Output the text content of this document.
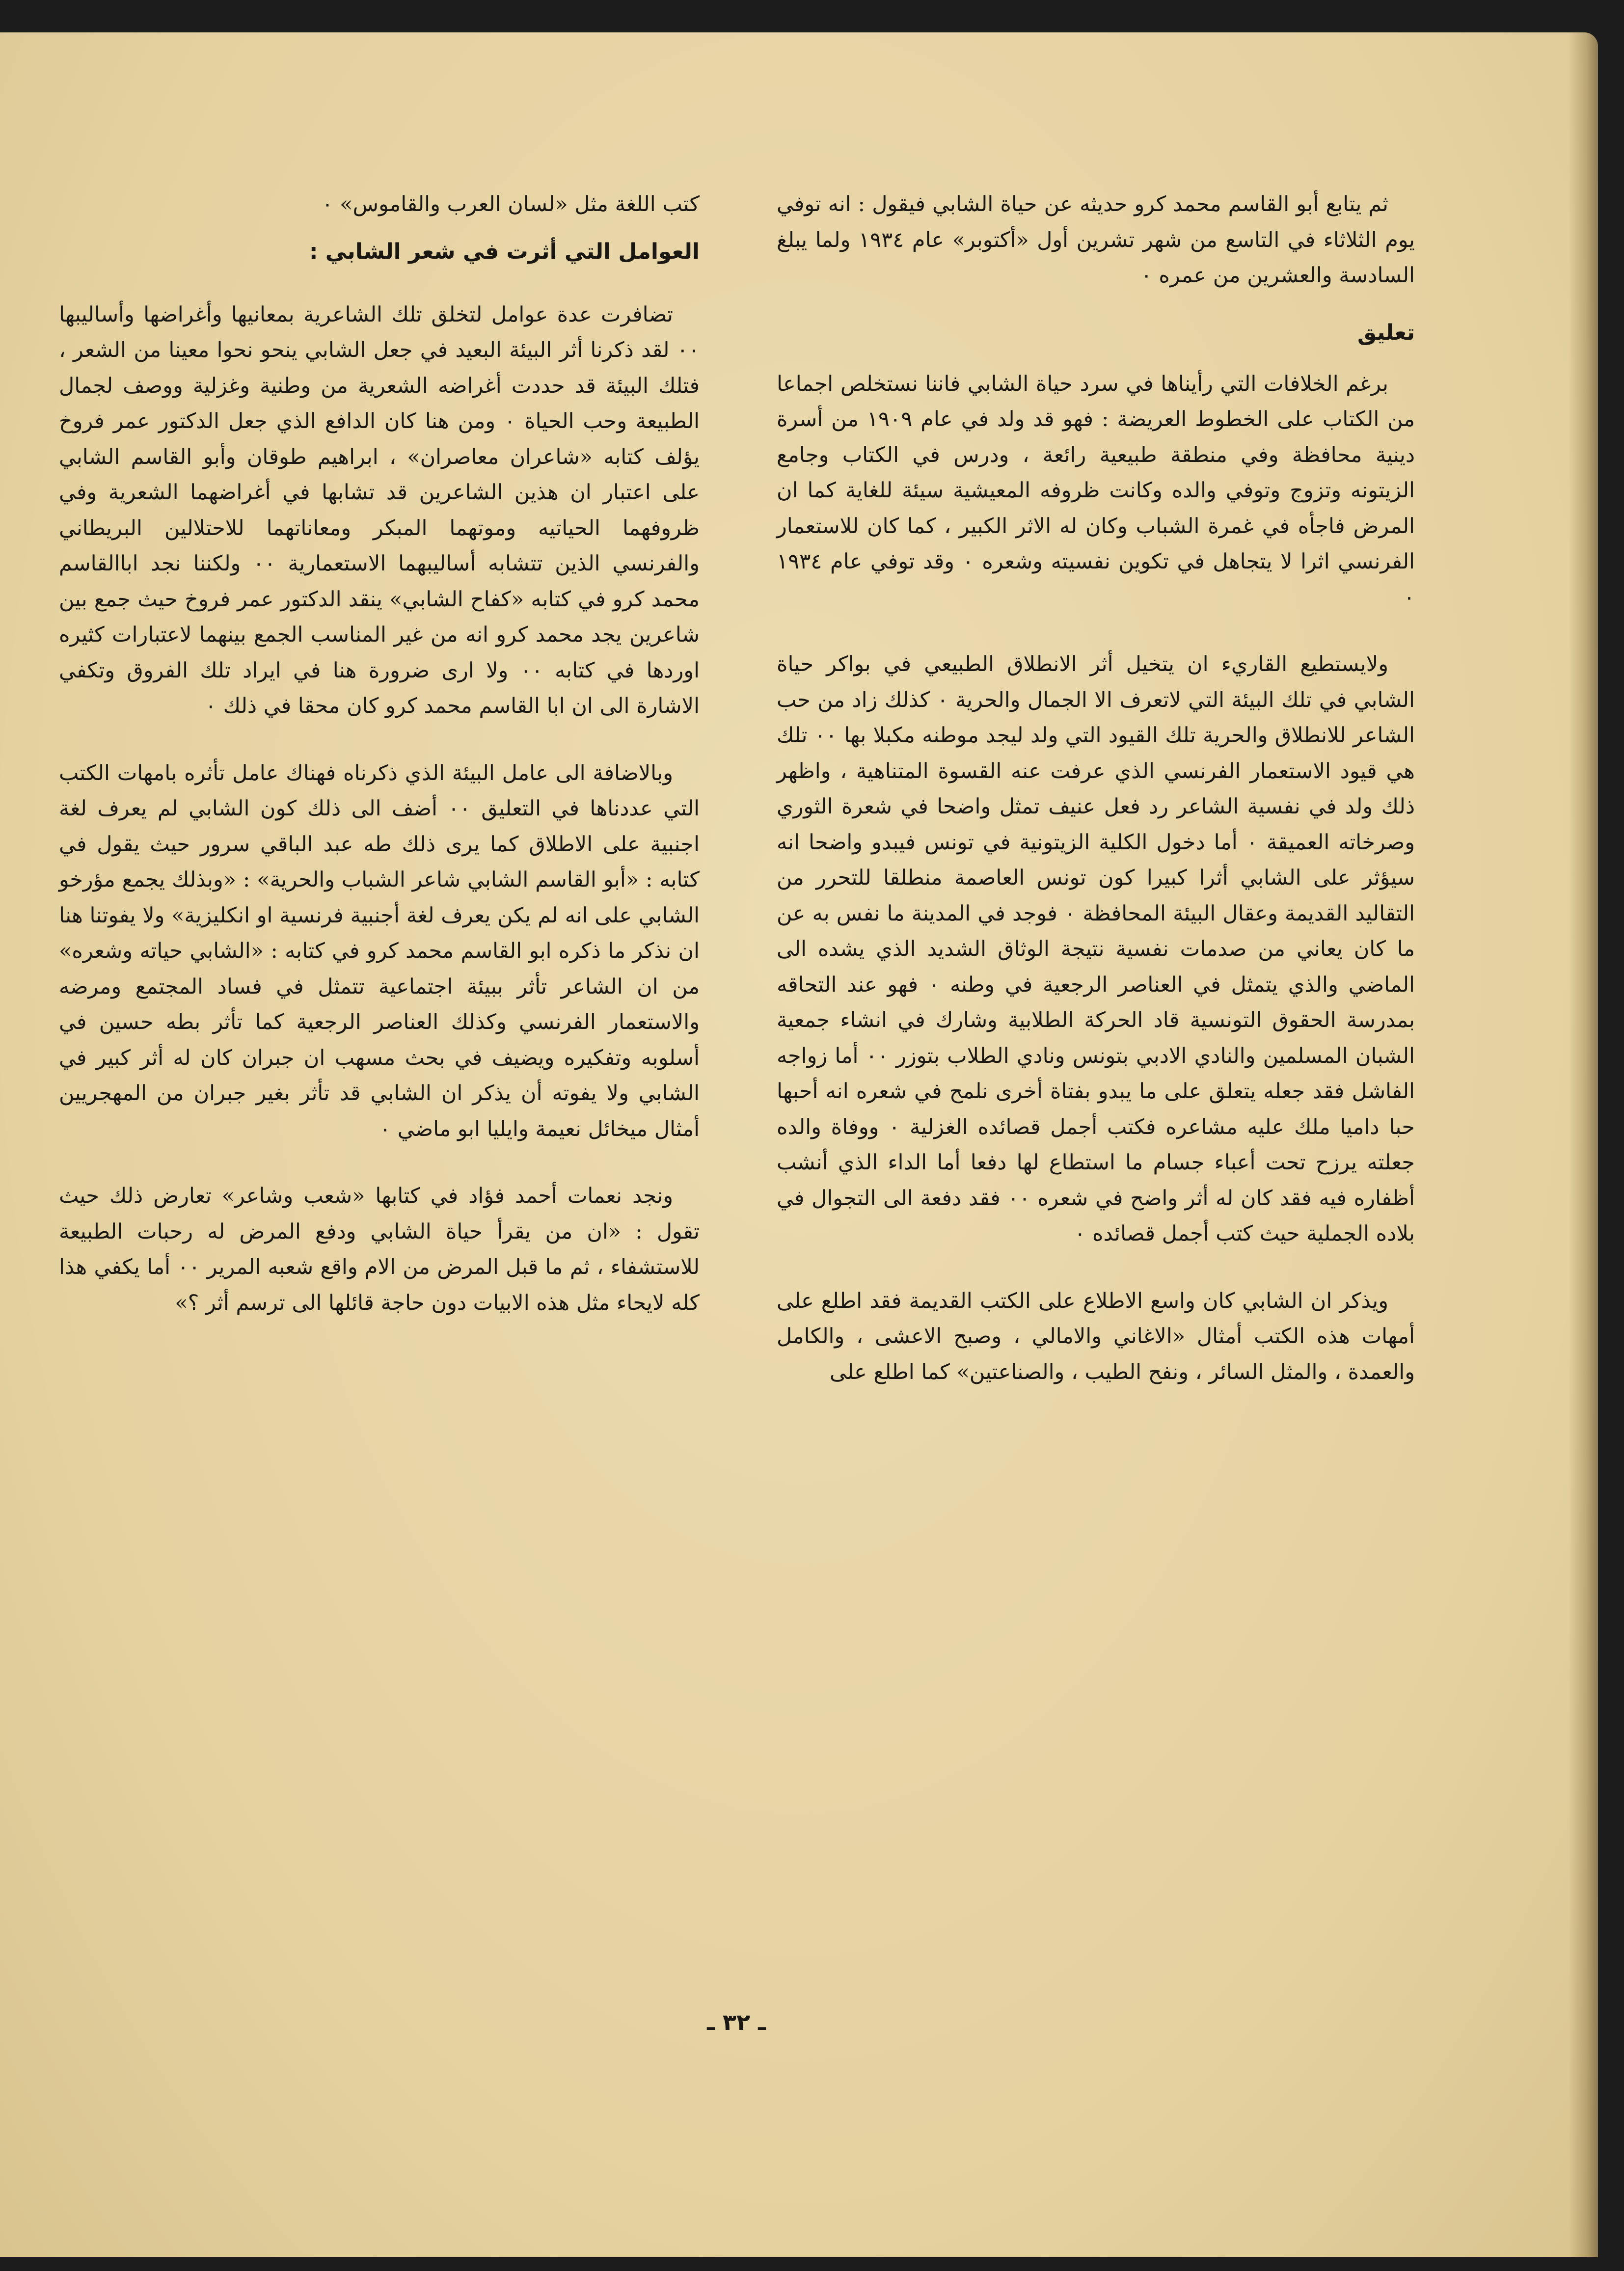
ثم يتابع أبو القاسم محمد كرو حديثه عن حياة الشابي فيقول : انه توفي يوم الثلاثاء في التاسع من شهر تشرين أول «أكتوبر» عام ١٩٣٤ ولما يبلغ السادسة والعشرين من عمره ٠

تعليق

برغم الخلافات التي رأيناها في سرد حياة الشابي فاننا نستخلص اجماعا من الكتاب على الخطوط العريضة : فهو قد ولد في عام ١٩٠٩ من أسرة دينية محافظة وفي منطقة طبيعية رائعة ، ودرس في الكتاب وجامع الزيتونه وتزوج وتوفي والده وكانت ظروفه المعيشية سيئة للغاية كما ان المرض فاجأه في غمرة الشباب وكان له الاثر الكبير ، كما كان للاستعمار الفرنسي اثرا لا يتجاهل في تكوين نفسيته وشعره ٠ وقد توفي عام ١٩٣٤ ٠

ولايستطيع القاريء ان يتخيل أثر الانطلاق الطبيعي في بواكر حياة الشابي في تلك البيئة التي لاتعرف الا الجمال والحرية ٠ كذلك زاد من حب الشاعر للانطلاق والحرية تلك القيود التي ولد ليجد موطنه مكبلا بها ٠٠ تلك هي قيود الاستعمار الفرنسي الذي عرفت عنه القسوة المتناهية ، واظهر ذلك ولد في نفسية الشاعر رد فعل عنيف تمثل واضحا في شعرة الثوري وصرخاته العميقة ٠ أما دخول الكلية الزيتونية في تونس فيبدو واضحا انه سيؤثر على الشابي أثرا كبيرا كون تونس العاصمة منطلقا للتحرر من التقاليد القديمة وعقال البيئة المحافظة ٠ فوجد في المدينة ما نفس به عن ما كان يعاني من صدمات نفسية نتيجة الوثاق الشديد الذي يشده الى الماضي والذي يتمثل في العناصر الرجعية في وطنه ٠ فهو عند التحاقه بمدرسة الحقوق التونسية قاد الحركة الطلابية وشارك في انشاء جمعية الشبان المسلمين والنادي الادبي بتونس ونادي الطلاب بتوزر ٠٠ أما زواجه الفاشل فقد جعله يتعلق على ما يبدو بفتاة أخرى نلمح في شعره انه أحبها حبا داميا ملك عليه مشاعره فكتب أجمل قصائده الغزلية ٠ ووفاة والده جعلته يرزح تحت أعباء جسام ما استطاع لها دفعا أما الداء الذي أنشب أظفاره فيه فقد كان له أثر واضح في شعره ٠٠ فقد دفعة الى التجوال في بلاده الجملية حيث كتب أجمل قصائده ٠

ويذكر ان الشابي كان واسع الاطلاع على الكتب القديمة فقد اطلع على أمهات هذه الكتب أمثال «الاغاني والامالي ، وصبح الاعشى ، والكامل والعمدة ، والمثل السائر ، ونفح الطيب ، والصناعتين» كما اطلع على

كتب اللغة مثل «لسان العرب والقاموس» ٠

العوامل التي أثرت في شعر الشابي :

تضافرت عدة عوامل لتخلق تلك الشاعرية بمعانيها وأغراضها وأساليبها ٠٠ لقد ذكرنا أثر البيئة البعيد في جعل الشابي ينحو نحوا معينا من الشعر ، فتلك البيئة قد حددت أغراضه الشعرية من وطنية وغزلية ووصف لجمال الطبيعة وحب الحياة ٠ ومن هنا كان الدافع الذي جعل الدكتور عمر فروخ يؤلف كتابه «شاعران معاصران» ، ابراهيم طوقان وأبو القاسم الشابي على اعتبار ان هذين الشاعرين قد تشابها في أغراضهما الشعرية وفي ظروفهما الحياتيه وموتهما المبكر ومعاناتهما للاحتلالين البريطاني والفرنسي الذين تتشابه أساليبهما الاستعمارية ٠٠ ولكننا نجد اباالقاسم محمد كرو في كتابه «كفاح الشابي» ينقد الدكتور عمر فروخ حيث جمع بين شاعرين يجد محمد كرو انه من غير المناسب الجمع بينهما لاعتبارات كثيره اوردها في كتابه ٠٠ ولا ارى ضرورة هنا في ايراد تلك الفروق وتكفي الاشارة الى ان ابا القاسم محمد كرو كان محقا في ذلك ٠

وبالاضافة الى عامل البيئة الذي ذكرناه فهناك عامل تأثره بامهات الكتب التي عددناها في التعليق ٠٠ أضف الى ذلك كون الشابي لم يعرف لغة اجنبية على الاطلاق كما يرى ذلك طه عبد الباقي سرور حيث يقول في كتابه : «أبو القاسم الشابي شاعر الشباب والحرية» : «وبذلك يجمع مؤرخو الشابي على انه لم يكن يعرف لغة أجنبية فرنسية او انكليزية» ولا يفوتنا هنا ان نذكر ما ذكره ابو القاسم محمد كرو في كتابه : «الشابي حياته وشعره» من ان الشاعر تأثر ببيئة اجتماعية تتمثل في فساد المجتمع ومرضه والاستعمار الفرنسي وكذلك العناصر الرجعية كما تأثر بطه حسين في أسلوبه وتفكيره ويضيف في بحث مسهب ان جبران كان له أثر كبير في الشابي ولا يفوته أن يذكر ان الشابي قد تأثر بغير جبران من المهجريين أمثال ميخائل نعيمة وايليا ابو ماضي ٠

ونجد نعمات أحمد فؤاد في كتابها «شعب وشاعر» تعارض ذلك حيث تقول : «ان من يقرأ حياة الشابي ودفع المرض له رحبات الطبيعة للاستشفاء ، ثم ما قبل المرض من الام واقع شعبه المرير ٠٠ أما يكفي هذا كله لايحاء مثل هذه الابيات دون حاجة قائلها الى ترسم أثر ؟»

ـ ٣٢ ـ
